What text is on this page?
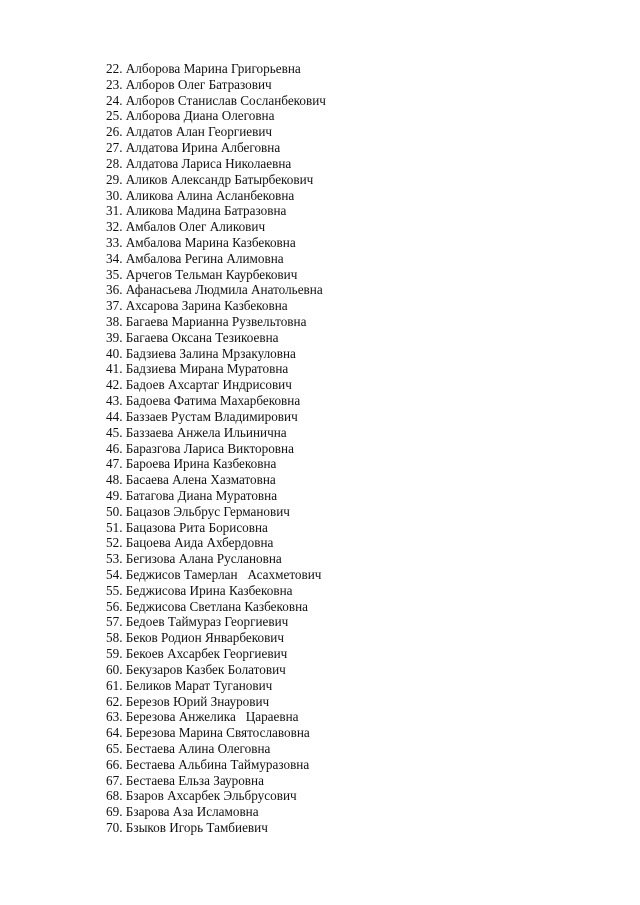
22. Алборова Марина Григорьевна
23. Алборов Олег Батразович
24. Алборов Станислав Сосланбекович
25. Алборова Диана Олеговна
26. Алдатов Алан Георгиевич
27. Алдатова Ирина Албеговна
28. Алдатова Лариса Николаевна
29. Аликов Александр Батырбекович
30. Аликова Алина Асланбековна
31. Аликова Мадина Батразовна
32. Амбалов Олег Аликович
33. Амбалова Марина Казбековна
34. Амбалова Регина Алимовна
35. Арчегов Тельман Каурбекович
36. Афанасьева Людмила Анатольевна
37. Ахсарова Зарина Казбековна
38. Багаева Марианна Рузвельтовна
39. Багаева Оксана Тезикоевна
40. Бадзиева Залина Мрзакуловна
41. Бадзиева Мирана Муратовна
42. Бадоев Ахсартаг Индрисович
43. Бадоева Фатима Махарбековна
44. Баззаев Рустам Владимирович
45. Баззаева Анжела Ильинична
46. Баразгова Лариса Викторовна
47. Барoева Ирина Казбековна
48. Басаева Алена Хазматовна
49. Батагова Диана Муратовна
50. Бацазов Эльбрус Германович
51. Бацазова Рита Борисовна
52. Бацоева Аида Ахбердовна
53. Бегизова Алана Руслановна
54. Беджисов Тамерлан   Асахметович
55. Беджисова Ирина Казбековна
56. Беджисова Светлана Казбековна
57. Бедоев Таймураз Георгиевич
58. Беков Родион Январбекович
59. Бекоев Ахсарбек Георгиевич
60. Бекузаров Казбек Болатович
61. Беликов Марат Туганович
62. Березов Юрий Знаурович
63. Березова Анжелика   Цараевна
64. Березова Марина Святославовна
65. Бестаева Алина Олеговна
66. Бестаева Альбина Таймуразовна
67. Бестаева Ельза Зауровна
68. Бзаров Ахсарбек Эльбрусович
69. Бзарова Аза Исламовна
70. Бзыков Игорь Тамбиевич
